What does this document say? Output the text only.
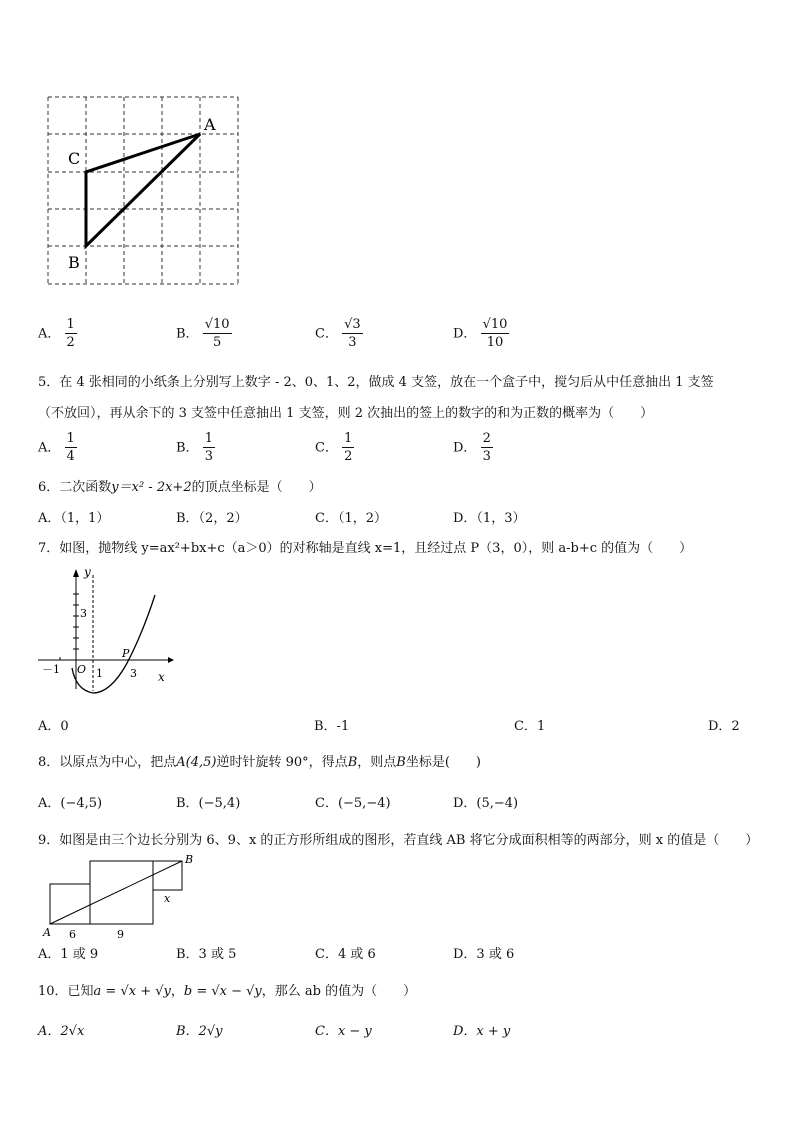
A
C
B
A． $\frac{1}{2}$	B． $\frac{√10}{5}$	C． $\frac{√3}{3}$	D． $\frac{√10}{10}$
5．在 4 张相同的小纸条上分别写上数字 - 2、0、1、2，做成 4 支签，放在一个盒子中，搅匀后从中任意抽出 1 支签
（不放回），再从余下的 3 支签中任意抽出 1 支签，则 2 次抽出的签上的数字的和为正数的概率为（　　）
A． $\frac{1}{4}$	B． $\frac{1}{3}$	C． $\frac{1}{2}$	D． $\frac{2}{3}$
6．二次函数y＝x² - 2x+2的顶点坐标是（　　）
A．（1，1）	B．（2，2）	C．（1，2）	D．（1，3）
7．如图，抛物线 y=ax²+bx+c（a＞0）的对称轴是直线 x=1，且经过点 P（3，0），则 a-b+c 的值为（　　）
y
x
3
－1 O 1 3
P
A．0	B．-1	C．1	D．2
8．以原点为中心，把点A(4,5)逆时针旋转 90°，得点B，则点B坐标是(　　)
A．(−4,5)	B．(−5,4)	C．(−5,−4)	D．(5,−4)
9．如图是由三个边长分别为 6、9、x 的正方形所组成的图形，若直线 AB 将它分成面积相等的两部分，则 x 的值是（　　）
B
A
x
6	9
A．1 或 9	B．3 或 5	C．4 或 6	D．3 或 6
10．已知a = √x + √y，b = √x − √y，那么 ab 的值为（　　）
A．2√x	B．2√y	C．x − y	D．x + y
